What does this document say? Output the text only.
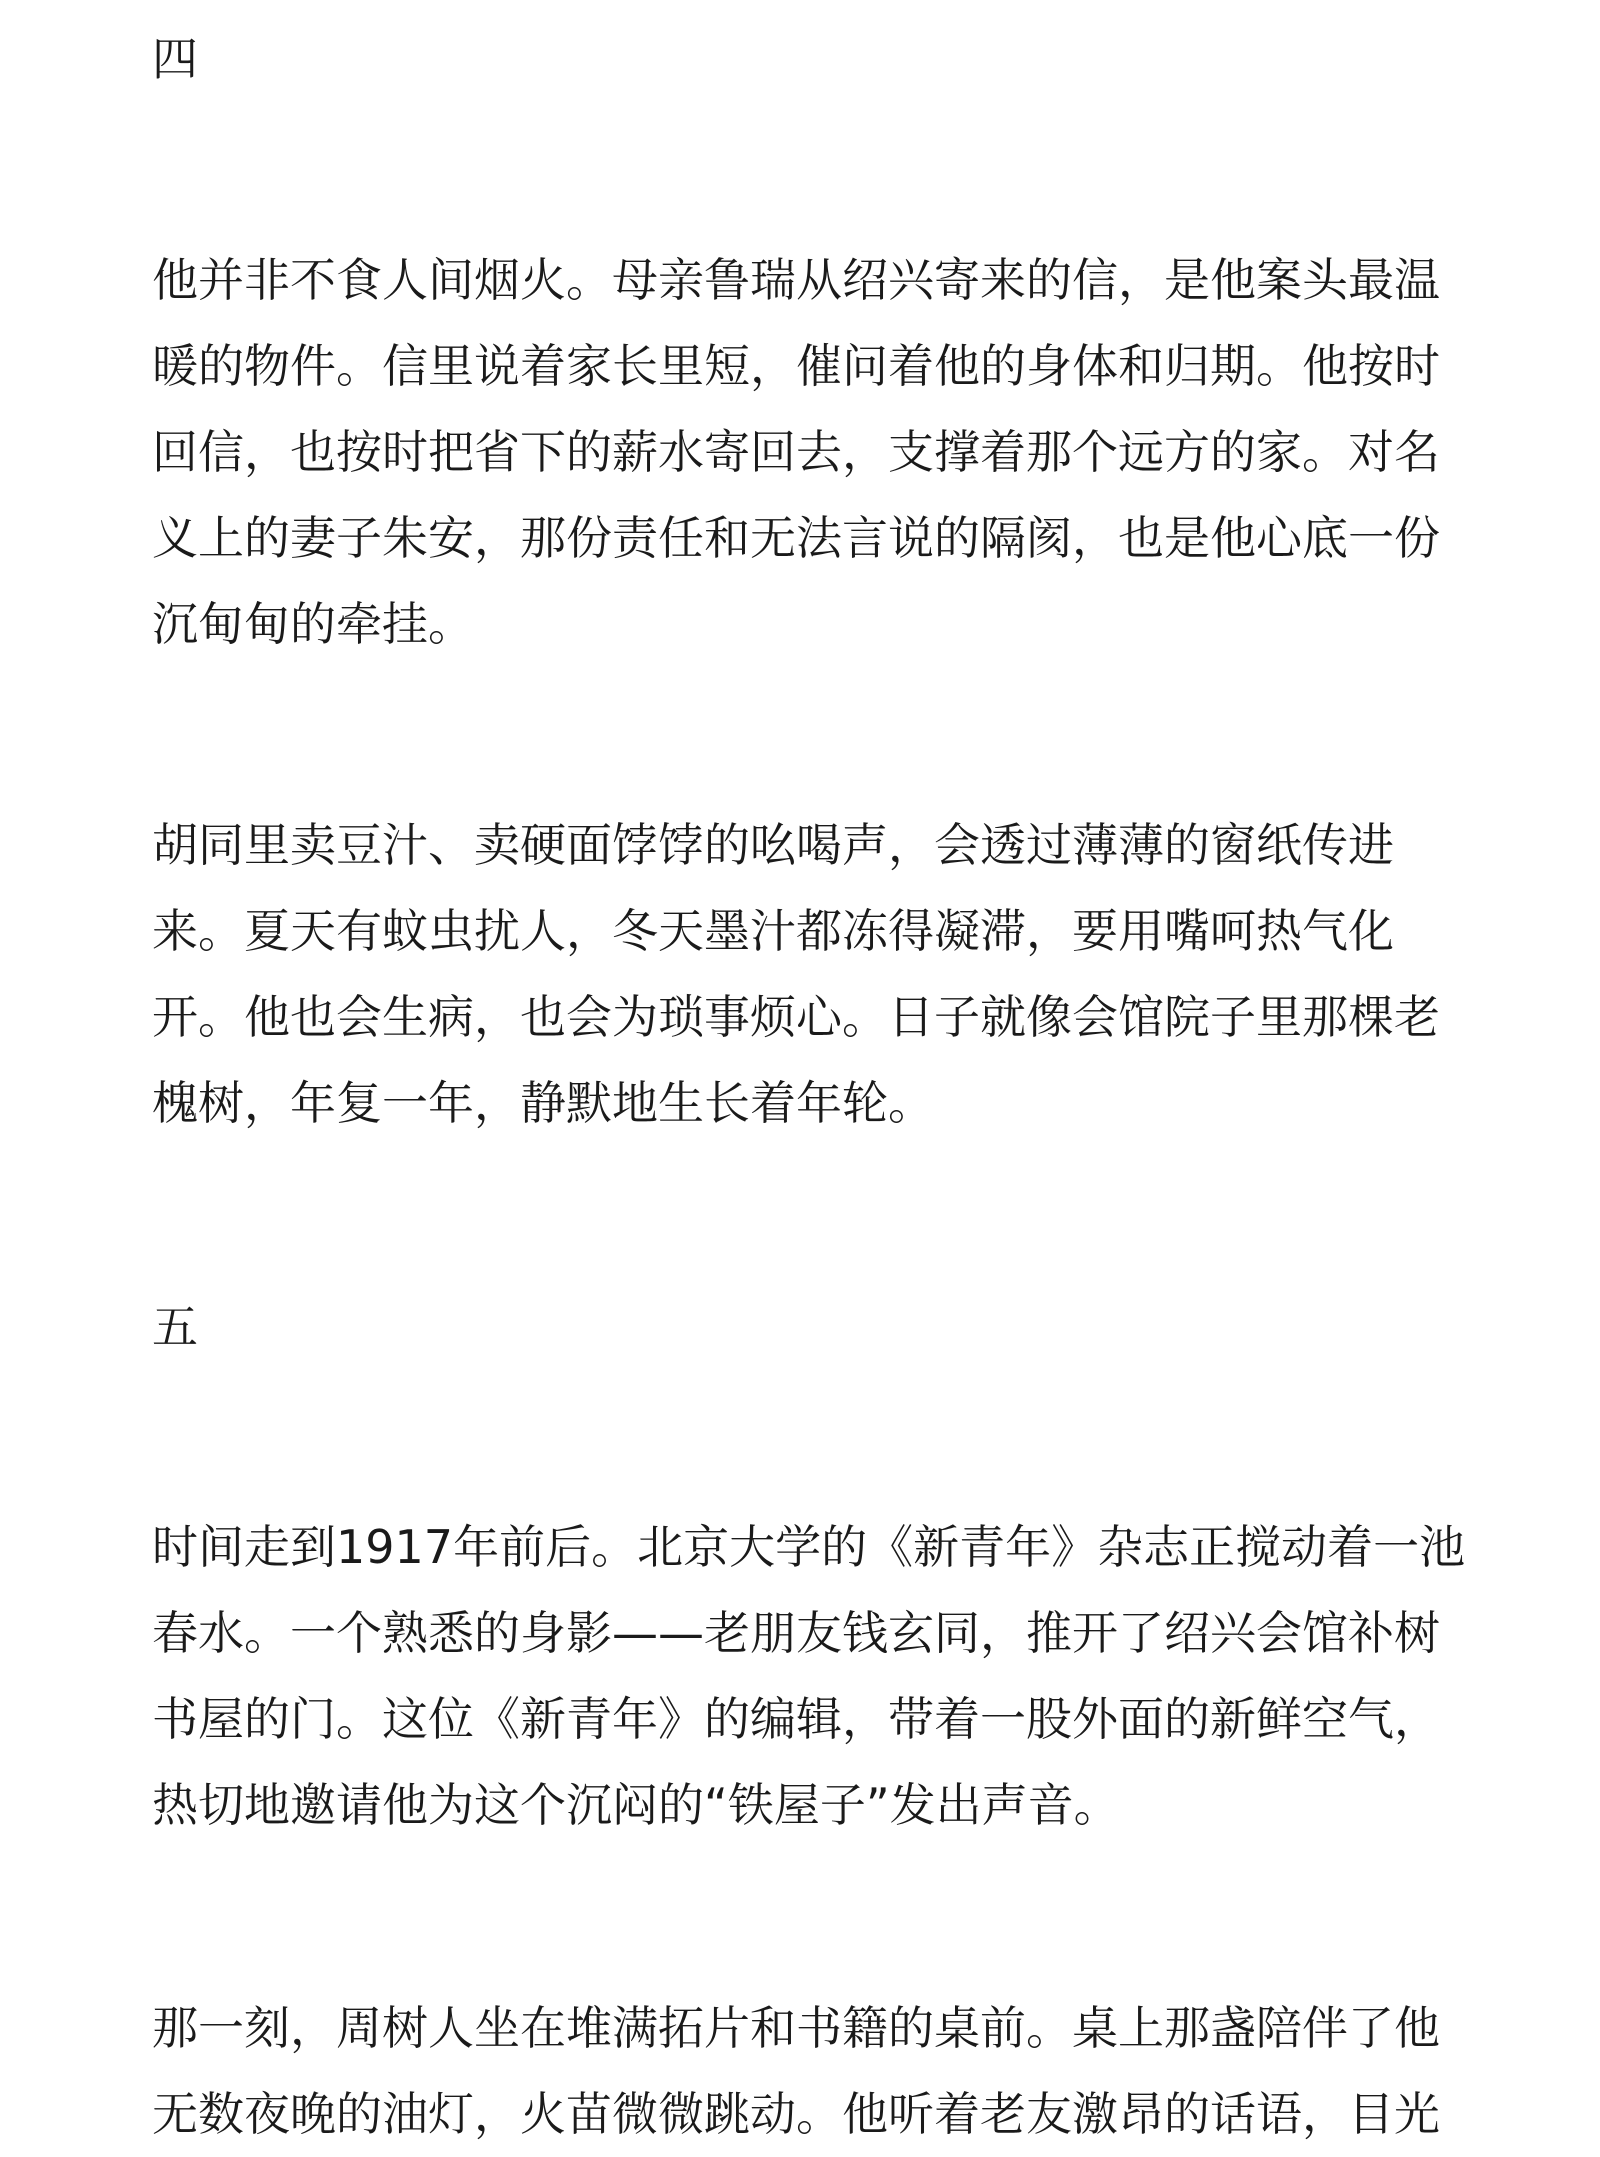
四

他并非不食人间烟火。母亲鲁瑞从绍兴寄来的信，是他案头最温
暖的物件。信里说着家长里短，催问着他的身体和归期。他按时
回信，也按时把省下的薪水寄回去，支撑着那个远方的家。对名
义上的妻子朱安，那份责任和无法言说的隔阂，也是他心底一份
沉甸甸的牵挂。

胡同里卖豆汁、卖硬面饽饽的吆喝声，会透过薄薄的窗纸传进
来。夏天有蚊虫扰人，冬天墨汁都冻得凝滞，要用嘴呵热气化
开。他也会生病，也会为琐事烦心。日子就像会馆院子里那棵老
槐树，年复一年，静默地生长着年轮。

五

时间走到1917年前后。北京大学的《新青年》杂志正搅动着一池
春水。一个熟悉的身影——老朋友钱玄同，推开了绍兴会馆补树
书屋的门。这位《新青年》的编辑，带着一股外面的新鲜空气，
热切地邀请他为这个沉闷的“铁屋子”发出声音。

那一刻，周树人坐在堆满拓片和书籍的桌前。桌上那盏陪伴了他
无数夜晚的油灯，火苗微微跳动。他听着老友激昂的话语，目光
